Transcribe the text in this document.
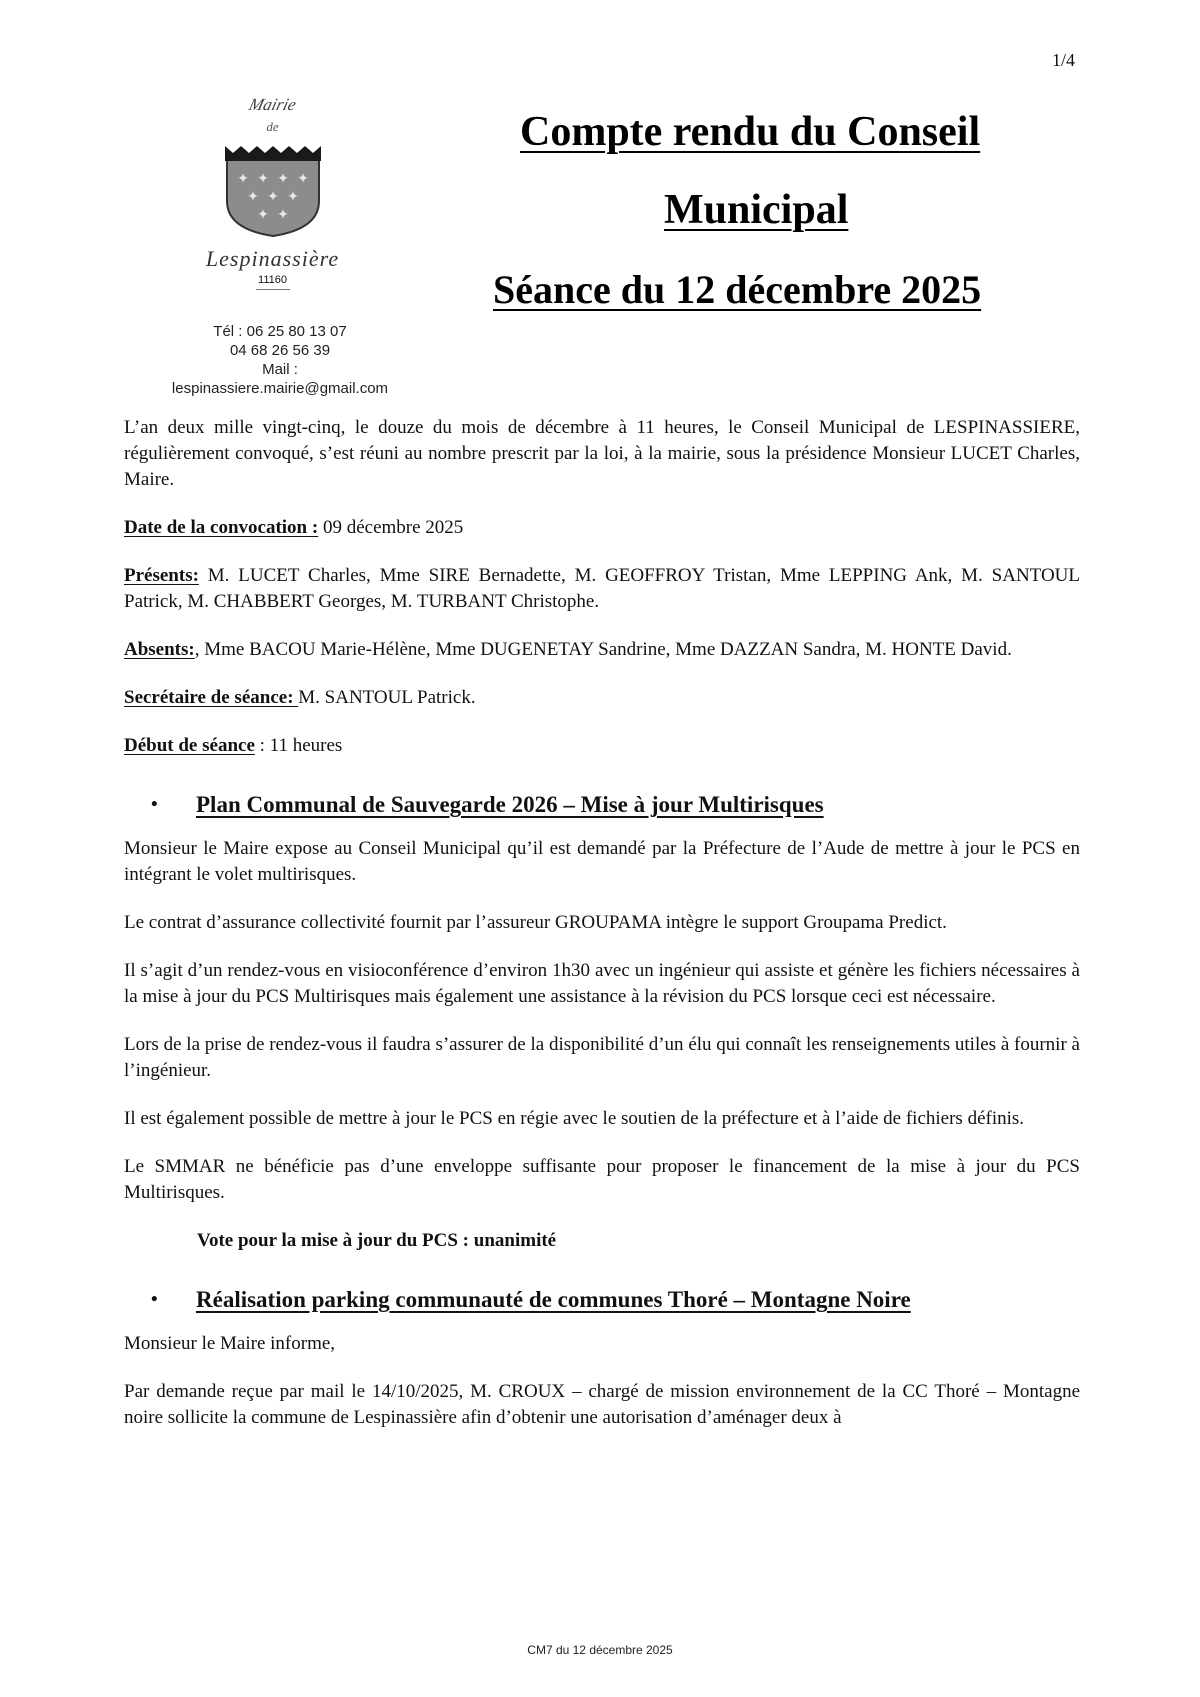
1/4
Mairie
de
✦ ✦ ✦ ✦
✦ ✦ ✦
✦ ✦
Lespinassière
11160
Tél : 06 25 80 13 07
04 68 26 56 39
Mail :
lespinassiere.mairie@gmail.com
Compte rendu du Conseil
Municipal
Séance du 12 décembre 2025

L’an deux mille vingt-cinq, le douze du mois de décembre à 11 heures, le Conseil Municipal de LESPINASSIERE, régulièrement convoqué, s’est réuni au nombre prescrit par la loi, à la mairie, sous la présidence Monsieur LUCET Charles, Maire.

Date de la convocation : 09 décembre 2025

Présents: M. LUCET Charles, Mme SIRE Bernadette, M. GEOFFROY Tristan, Mme LEPPING Ank, M. SANTOUL Patrick, M. CHABBERT Georges, M. TURBANT Christophe.

Absents:, Mme BACOU Marie-Hélène, Mme DUGENETAY Sandrine, Mme DAZZAN Sandra, M. HONTE David.

Secrétaire de séance: M. SANTOUL Patrick.

Début de séance : 11 heures

• Plan Communal de Sauvegarde 2026 – Mise à jour Multirisques

Monsieur le Maire expose au Conseil Municipal qu’il est demandé par la Préfecture de l’Aude de mettre à jour le PCS en intégrant le volet multirisques.

Le contrat d’assurance collectivité fournit par l’assureur GROUPAMA intègre le support Groupama Predict.

Il s’agit d’un rendez-vous en visioconférence d’environ 1h30 avec un ingénieur qui assiste et génère les fichiers nécessaires à la mise à jour du PCS Multirisques mais également une assistance à la révision du PCS lorsque ceci est nécessaire.

Lors de la prise de rendez-vous il faudra s’assurer de la disponibilité d’un élu qui connaît les renseignements utiles à fournir à l’ingénieur.

Il est également possible de mettre à jour le PCS en régie avec le soutien de la préfecture et à l’aide de fichiers définis.

Le SMMAR ne bénéficie pas d’une enveloppe suffisante pour proposer le financement de la mise à jour du PCS Multirisques.

Vote pour la mise à jour du PCS : unanimité

• Réalisation parking communauté de communes Thoré – Montagne Noire

Monsieur le Maire informe,

Par demande reçue par mail le 14/10/2025, M. CROUX – chargé de mission environnement de la CC Thoré – Montagne noire sollicite la commune de Lespinassière afin d’obtenir une autorisation d’aménager deux à

CM7 du 12 décembre 2025
